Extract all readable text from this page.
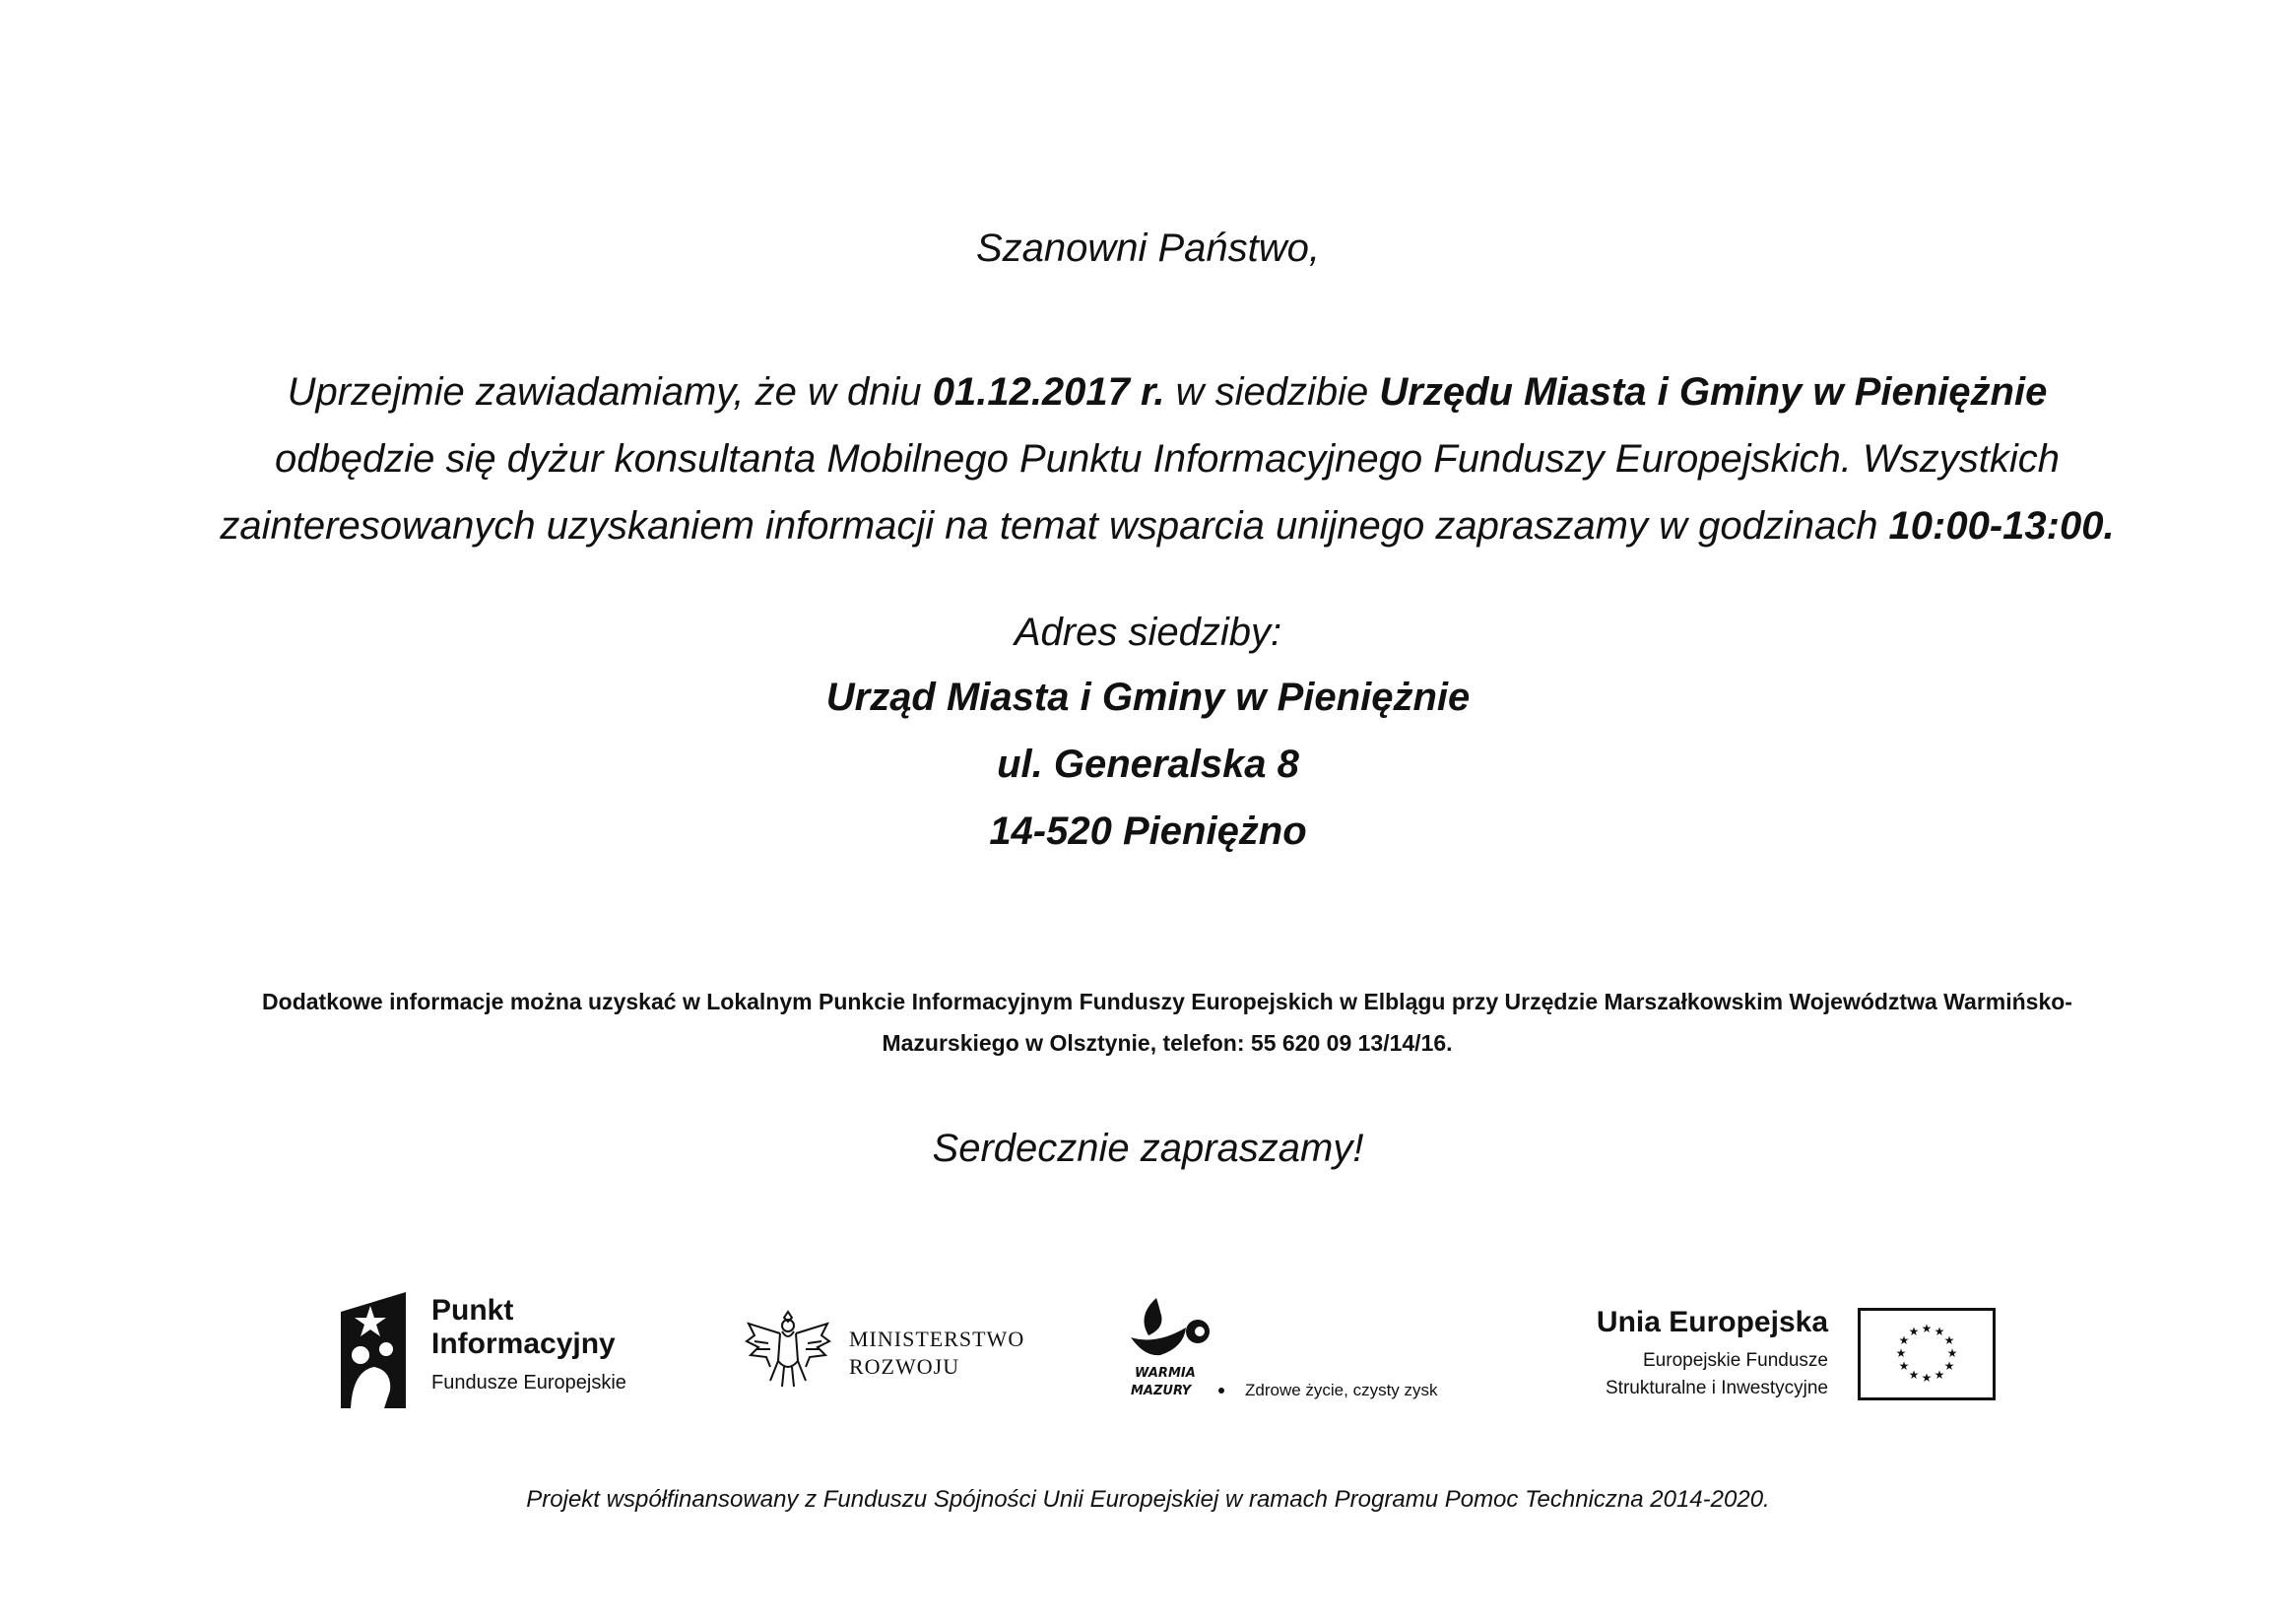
Szanowni Państwo,
Uprzejmie zawiadamiamy, że w dniu 01.12.2017 r. w siedzibie Urzędu Miasta i Gminy w Pieniężnie odbędzie się dyżur konsultanta Mobilnego Punktu Informacyjnego Funduszy Europejskich. Wszystkich zainteresowanych uzyskaniem informacji na temat wsparcia unijnego zapraszamy w godzinach 10:00-13:00.
Adres siedziby:
Urząd Miasta i Gminy w Pieniężnie
ul. Generalska 8
14-520 Pieniężno
Dodatkowe informacje można uzyskać w Lokalnym Punkcie Informacyjnym Funduszy Europejskich w Elblągu przy Urzędzie Marszałkowskim Województwa Warmińsko-Mazurskiego w Olsztynie, telefon: 55 620 09 13/14/16.
Serdecznie zapraszamy!
Punkt
Informacyjny
Fundusze Europejskie
MINISTERSTWO
ROZWOJU	WARMIA
MAZURY	Zdrowe życie, czysty zysk
Unia Europejska
Europejskie Fundusze
Strukturalne i Inwestycyjne
★ ★
★
★
★
★
★
★
★
★
★
★
Projekt współfinansowany z Funduszu Spójności Unii Europejskiej w ramach Programu Pomoc Techniczna 2014-2020.
